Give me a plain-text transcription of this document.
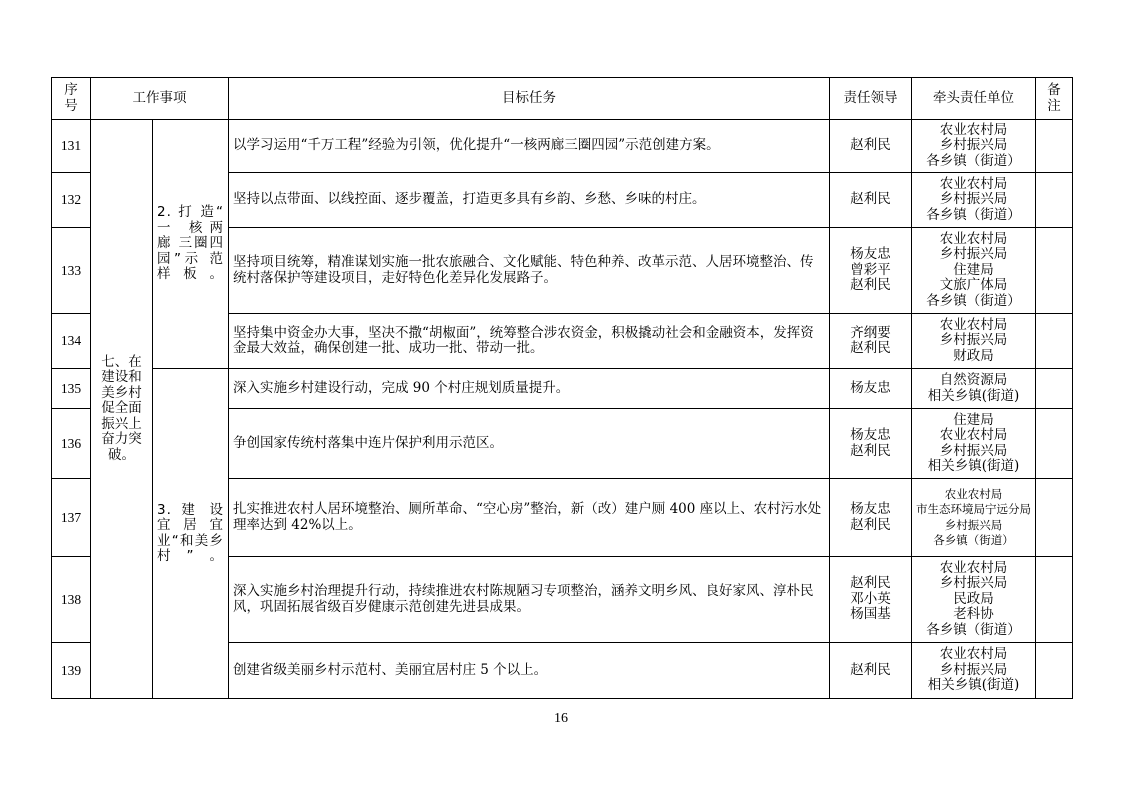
序
号	工作事项		目标任务	责任领导	牵头责任单位	备
注
131	七、在建设和美乡村促全面振兴上奋力突破。	2. 打 造“ 一 核两 廊 三圈四园”示 范 样板。	以学习运用“千万工程”经验为引领，优化提升“一核两廊三圈四园”示范创建方案。	赵利民	农业农村局
乡村振兴局
各乡镇（街道）	
132			坚持以点带面、以线控面、逐步覆盖，打造更多具有乡韵、乡愁、乡味的村庄。	赵利民	农业农村局
乡村振兴局
各乡镇（街道）	
133			坚持项目统筹，精准谋划实施一批农旅融合、文化赋能、特色种养、改革示范、人居环境整治、传统村落保护等建设项目，走好特色化差异化发展路子。	杨友忠
曾彩平
赵利民	农业农村局
乡村振兴局
住建局
文旅广体局
各乡镇（街道）	
134			坚持集中资金办大事，坚决不撒“胡椒面”，统筹整合涉农资金，积极撬动社会和金融资本，发挥资金最大效益，确保创建一批、成功一批、带动一批。	齐纲要
赵利民	农业农村局
乡村振兴局
财政局	
135		3. 建 设宜 居 宜业“和美乡村”。	深入实施乡村建设行动，完成 90 个村庄规划质量提升。	杨友忠	自然资源局
相关乡镇(街道)	
136			争创国家传统村落集中连片保护利用示范区。	杨友忠
赵利民	住建局
农业农村局
乡村振兴局
相关乡镇(街道)	
137			扎实推进农村人居环境整治、厕所革命、“空心房”整治，新（改）建户厕 400 座以上、农村污水处理率达到 42%以上。	杨友忠
赵利民	农业农村局
市生态环境局宁远分局
乡村振兴局
各乡镇（街道）	
138			深入实施乡村治理提升行动，持续推进农村陈规陋习专项整治，涵养文明乡风、良好家风、淳朴民风，巩固拓展省级百岁健康示范创建先进县成果。	赵利民
邓小英
杨国基	农业农村局
乡村振兴局
民政局
老科协
各乡镇（街道）	
139			创建省级美丽乡村示范村、美丽宜居村庄 5 个以上。	赵利民	农业农村局
乡村振兴局
相关乡镇(街道)	
16
